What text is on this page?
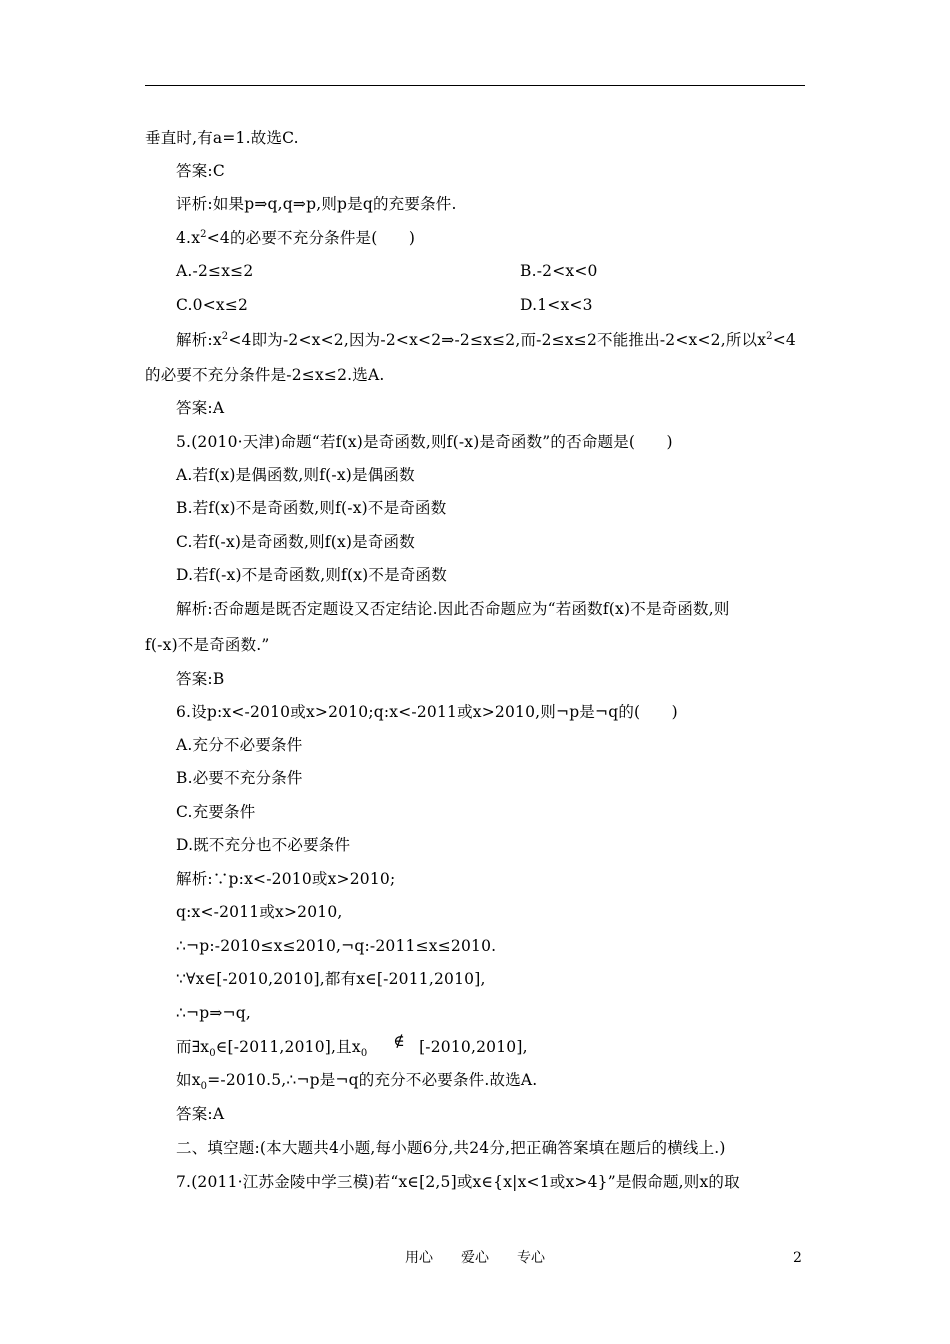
垂直时,有a=1.故选C.
答案:C
评析:如果p⇒q,q⇒p,则p是q的充要条件.
$4.x^2<4$的必要不充分条件是(　　)
A.-2≤x≤2	B.-2<x<0
C.0<x≤2	D.1<x<3
解析$:x^2<4$即为-2<x<2,因为-2<x<2⇒-2≤x≤2,而-2≤x≤2不能推出-2<x<2,所以$x^2<4$
的必要不充分条件是-2≤x≤2.选A.
答案:A
5.(2010·天津)命题“若f(x)是奇函数,则f(-x)是奇函数”的否命题是(　　)
A.若f(x)是偶函数,则f(-x)是偶函数
B.若f(x)不是奇函数,则f(-x)不是奇函数
C.若f(-x)是奇函数,则f(x)是奇函数
D.若f(-x)不是奇函数,则f(x)不是奇函数
解析:否命题是既否定题设又否定结论.因此否命题应为“若函数f(x)不是奇函数,则
f(-x)不是奇函数.”
答案:B
6.设p:x<-2010或x>2010;q:x<-2011或x>2010,则¬p是¬q的(　　)
A.充分不必要条件
B.必要不充分条件
C.充要条件
D.既不充分也不必要条件
解析:∵p:x<-2010或x>2010;
q:x<-2011或x>2010,
∴¬p:-2010≤x≤2010,¬q:-2011≤x≤2010.
∵∀x∈[-2010,2010],都有x∈[-2011,2010],
∴¬p⇒¬q,
而$\exists x_0\in[-2011,2010]$,且$x_0\notin$ [-2010,2010],
如$x_0=-2010.5,\therefore\neg p$是¬q的充分不必要条件.故选A.
答案:A
二、填空题:(本大题共4小题,每小题6分,共24分,把正确答案填在题后的横线上.)
7.(2011·江苏金陵中学三模)若“x∈[2,5]或x∈{x|x<1或x>4}”是假命题,则x的取
用心 爱心 专心	2
